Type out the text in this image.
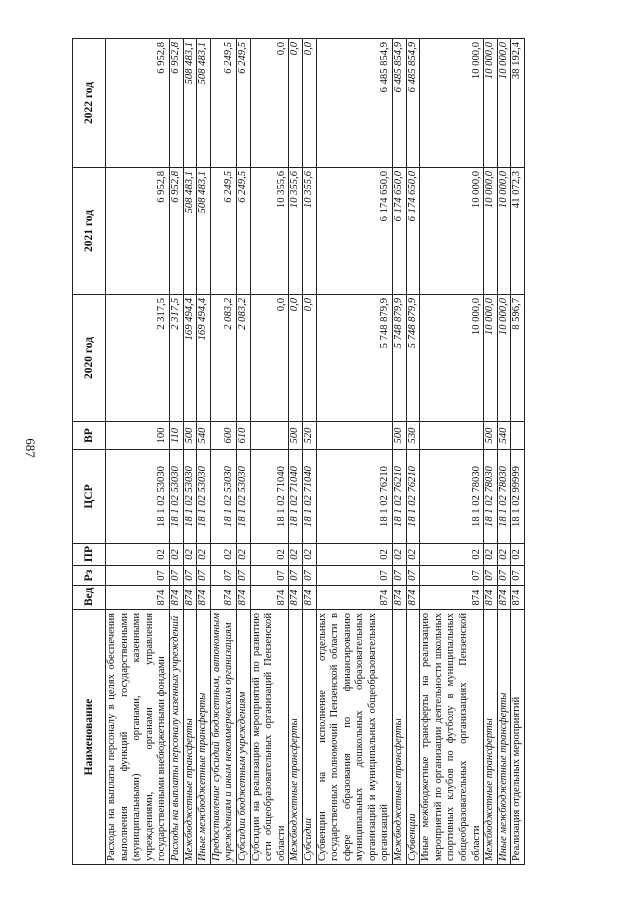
687
Наименование	Вед	Рз	ПР	ЦСР	ВР	2020 год	2021 год	2022 год
Расходы на выплаты персоналу в целях обеспечения выполнения функций государственными (муниципальными) органами, казенными учреждениями, органами управления государственными внебюджетными фондами	874	07	02	18 1 02 53030	100	2 317,5	6 952,8	6 952,8
Расходы на выплаты персоналу казенных учреждений	874	07	02	18 1 02 53030	110	2 317,5	6 952,8	6 952,8
Межбюджетные трансферты	874	07	02	18 1 02 53030	500	169 494,4	508 483,1	508 483,1
Иные межбюджетные трансферты	874	07	02	18 1 02 53030	540	169 494,4	508 483,1	508 483,1
Предоставление субсидий бюджетным, автономным учреждениям и иным некоммерческим организациям	874	07	02	18 1 02 53030	600	2 083,2	6 249,5	6 249,5
Субсидии бюджетным учреждениям	874	07	02	18 1 02 53030	610	2 083,2	6 249,5	6 249,5
Субсидии на реализацию мероприятий по развитию сети общеобразовательных организаций Пензенской области	874	07	02	18 1 02 71040		0,0	10 355,6	0,0
Межбюджетные трансферты	874	07	02	18 1 02 71040	500	0,0	10 355,6	0,0
Субсидии	874	07	02	18 1 02 71040	520	0,0	10 355,6	0,0
Субвенции на исполнение отдельных государственных полномочий Пензенской области в сфере образования по финансированию муниципальных дошкольных образовательных организаций и муниципальных общеобразовательных организаций	874	07	02	18 1 02 76210		5 748 879,9	6 174 650,0	6 485 854,9
Межбюджетные трансферты	874	07	02	18 1 02 76210	500	5 748 879,9	6 174 650,0	6 485 854,9
Субвенции	874	07	02	18 1 02 76210	530	5 748 879,9	6 174 650,0	6 485 854,9
Иные межбюджетные трансферты на реализацию мероприятий по организации деятельности школьных спортивных клубов по футболу в муниципальных общеобразовательных организациях Пензенской области	874	07	02	18 1 02 78030		10 000,0	10 000,0	10 000,0
Межбюджетные трансферты	874	07	02	18 1 02 78030	500	10 000,0	10 000,0	10 000,0
Иные межбюджетные трансферты	874	07	02	18 1 02 78030	540	10 000,0	10 000,0	10 000,0
Реализация отдельных мероприятий	874	07	02	18 1 02 99999		8 596,7	41 072,3	38 192,4
